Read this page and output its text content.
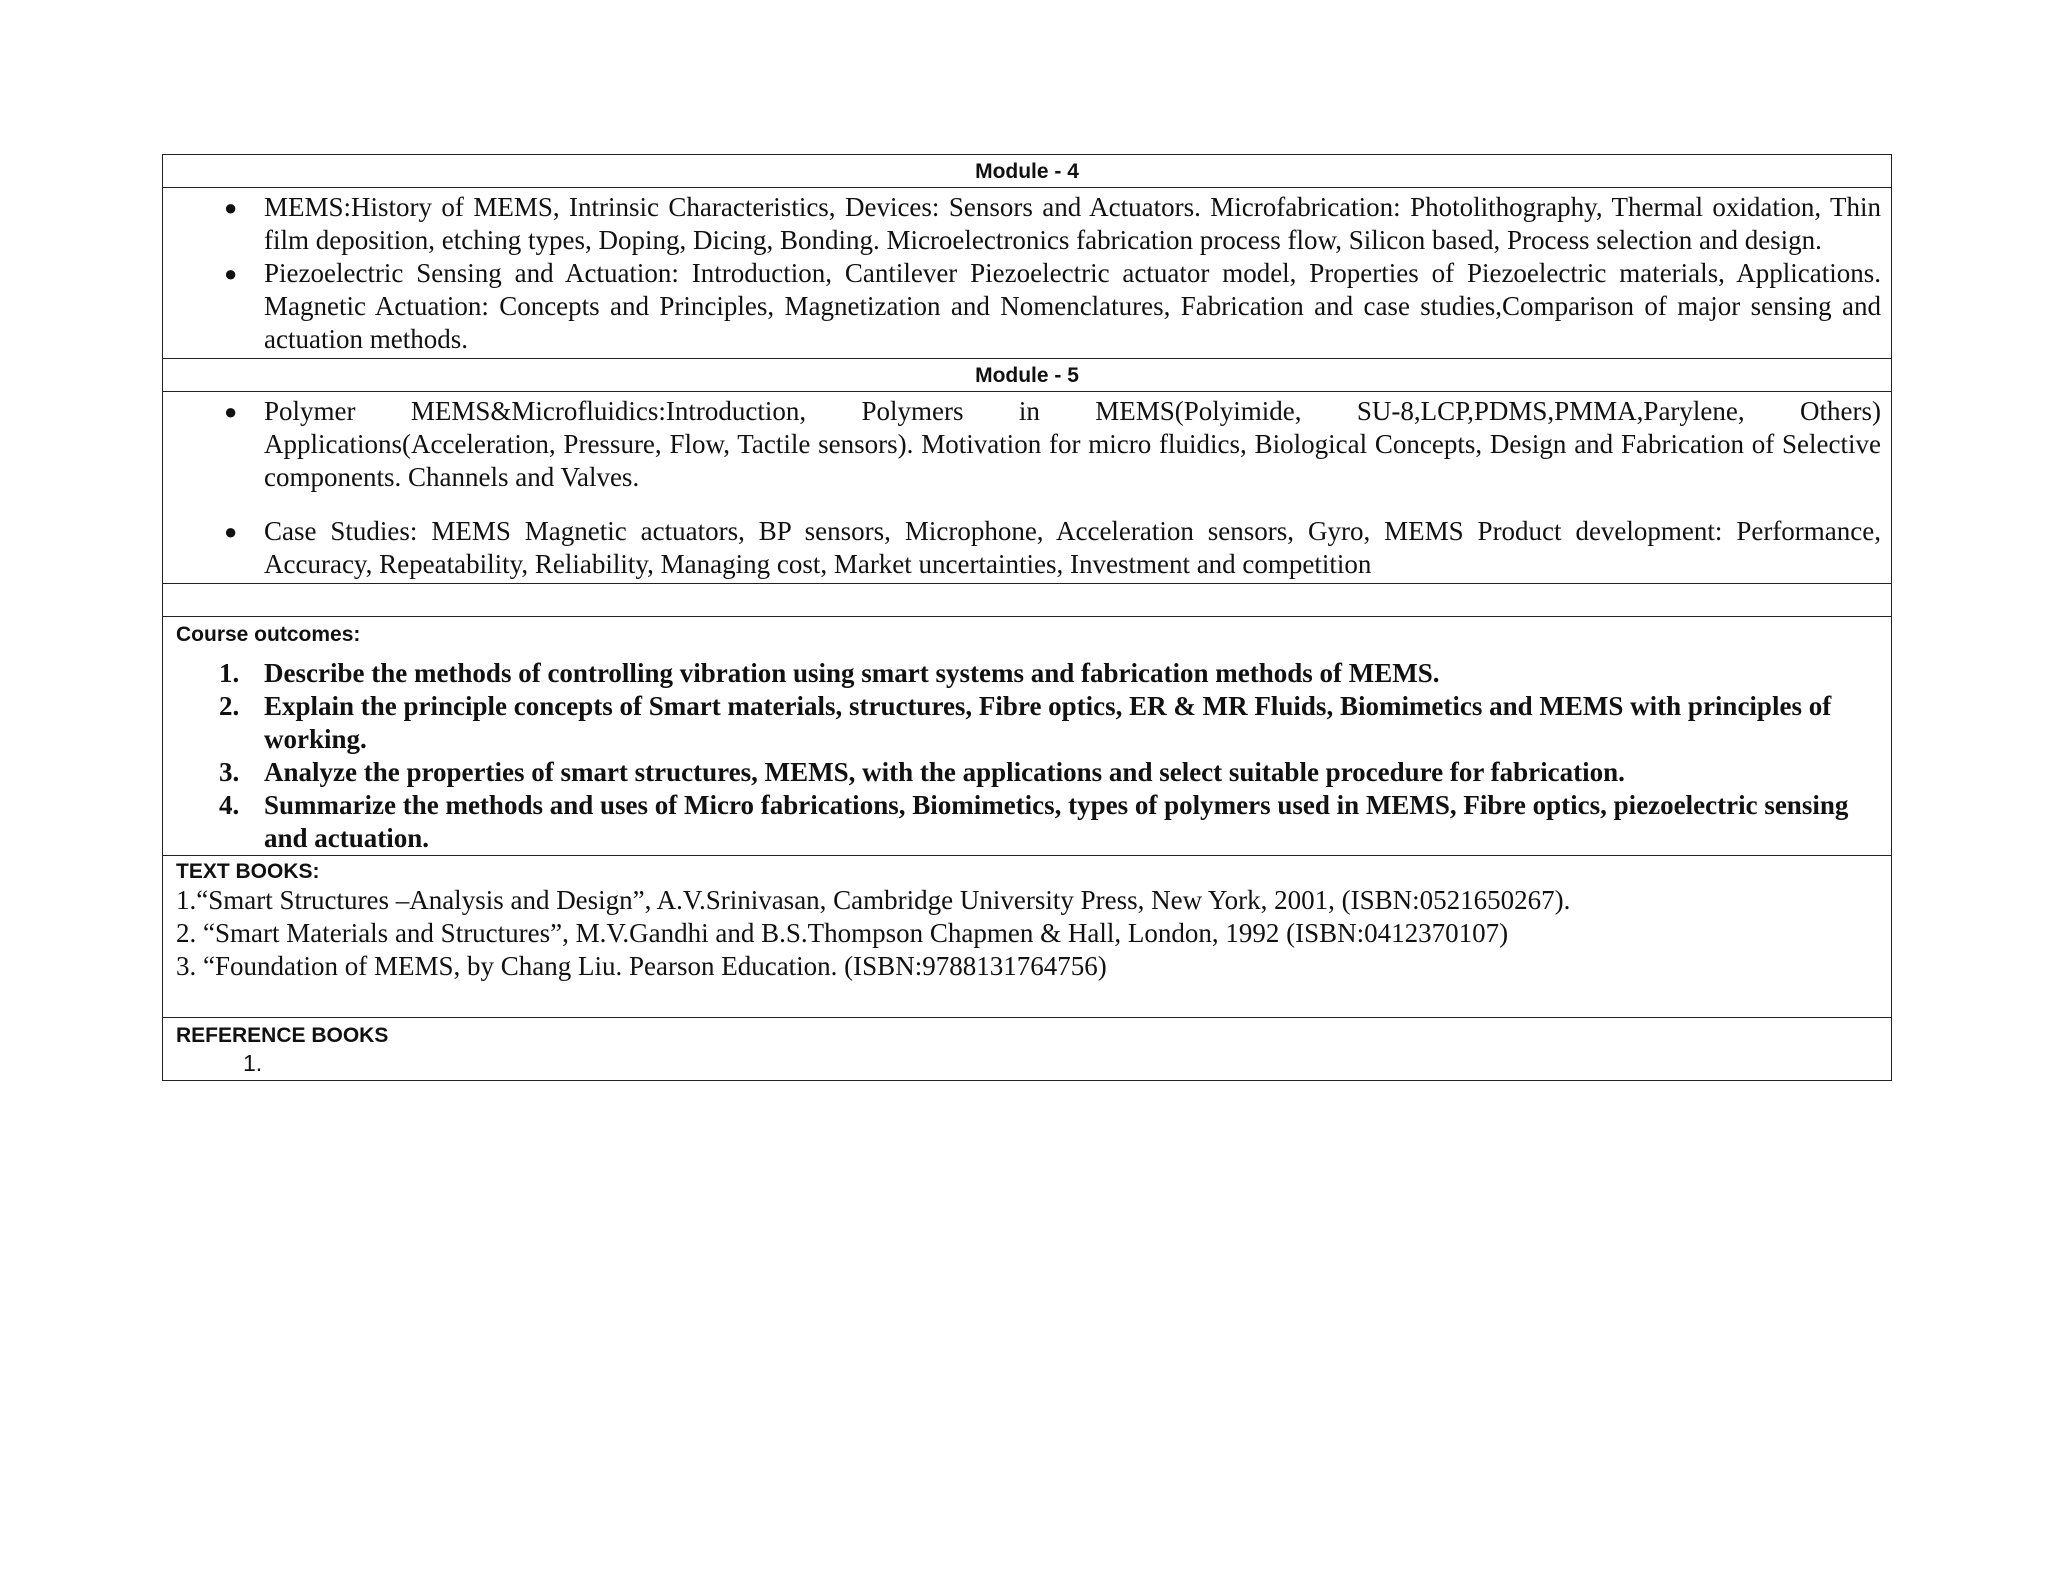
Module - 4
● MEMS:History of MEMS, Intrinsic Characteristics, Devices: Sensors and Actuators. Microfabrication: Photolithography, Thermal oxidation, Thin film deposition, etching types, Doping, Dicing, Bonding. Microelectronics fabrication process flow, Silicon based, Process selection and design.
● Piezoelectric Sensing and Actuation: Introduction, Cantilever Piezoelectric actuator model, Properties of Piezoelectric materials, Applications. Magnetic Actuation: Concepts and Principles, Magnetization and Nomenclatures, Fabrication and case studies,Comparison of major sensing and actuation methods.
Module - 5
● Polymer MEMS&Microfluidics:Introduction, Polymers in MEMS(Polyimide, SU-8,LCP,PDMS,PMMA,Parylene, Others) Applications(Acceleration, Pressure, Flow, Tactile sensors). Motivation for micro fluidics, Biological Concepts, Design and Fabrication of Selective components. Channels and Valves.
● Case Studies: MEMS Magnetic actuators, BP sensors, Microphone, Acceleration sensors, Gyro, MEMS Product development: Performance, Accuracy, Repeatability, Reliability, Managing cost, Market uncertainties, Investment and competition
Course outcomes:
1. Describe the methods of controlling vibration using smart systems and fabrication methods of MEMS.
2. Explain the principle concepts of Smart materials, structures, Fibre optics, ER & MR Fluids, Biomimetics and MEMS with principles of working.
3. Analyze the properties of smart structures, MEMS, with the applications and select suitable procedure for fabrication.
4. Summarize the methods and uses of Micro fabrications, Biomimetics, types of polymers used in MEMS, Fibre optics, piezoelectric sensing and actuation.
TEXT BOOKS:
1.“Smart Structures –Analysis and Design”, A.V.Srinivasan, Cambridge University Press, New York, 2001, (ISBN:0521650267).
2. “Smart Materials and Structures”, M.V.Gandhi and B.S.Thompson Chapmen & Hall, London, 1992 (ISBN:0412370107)
3. “Foundation of MEMS, by Chang Liu. Pearson Education. (ISBN:9788131764756)
REFERENCE BOOKS
1.
